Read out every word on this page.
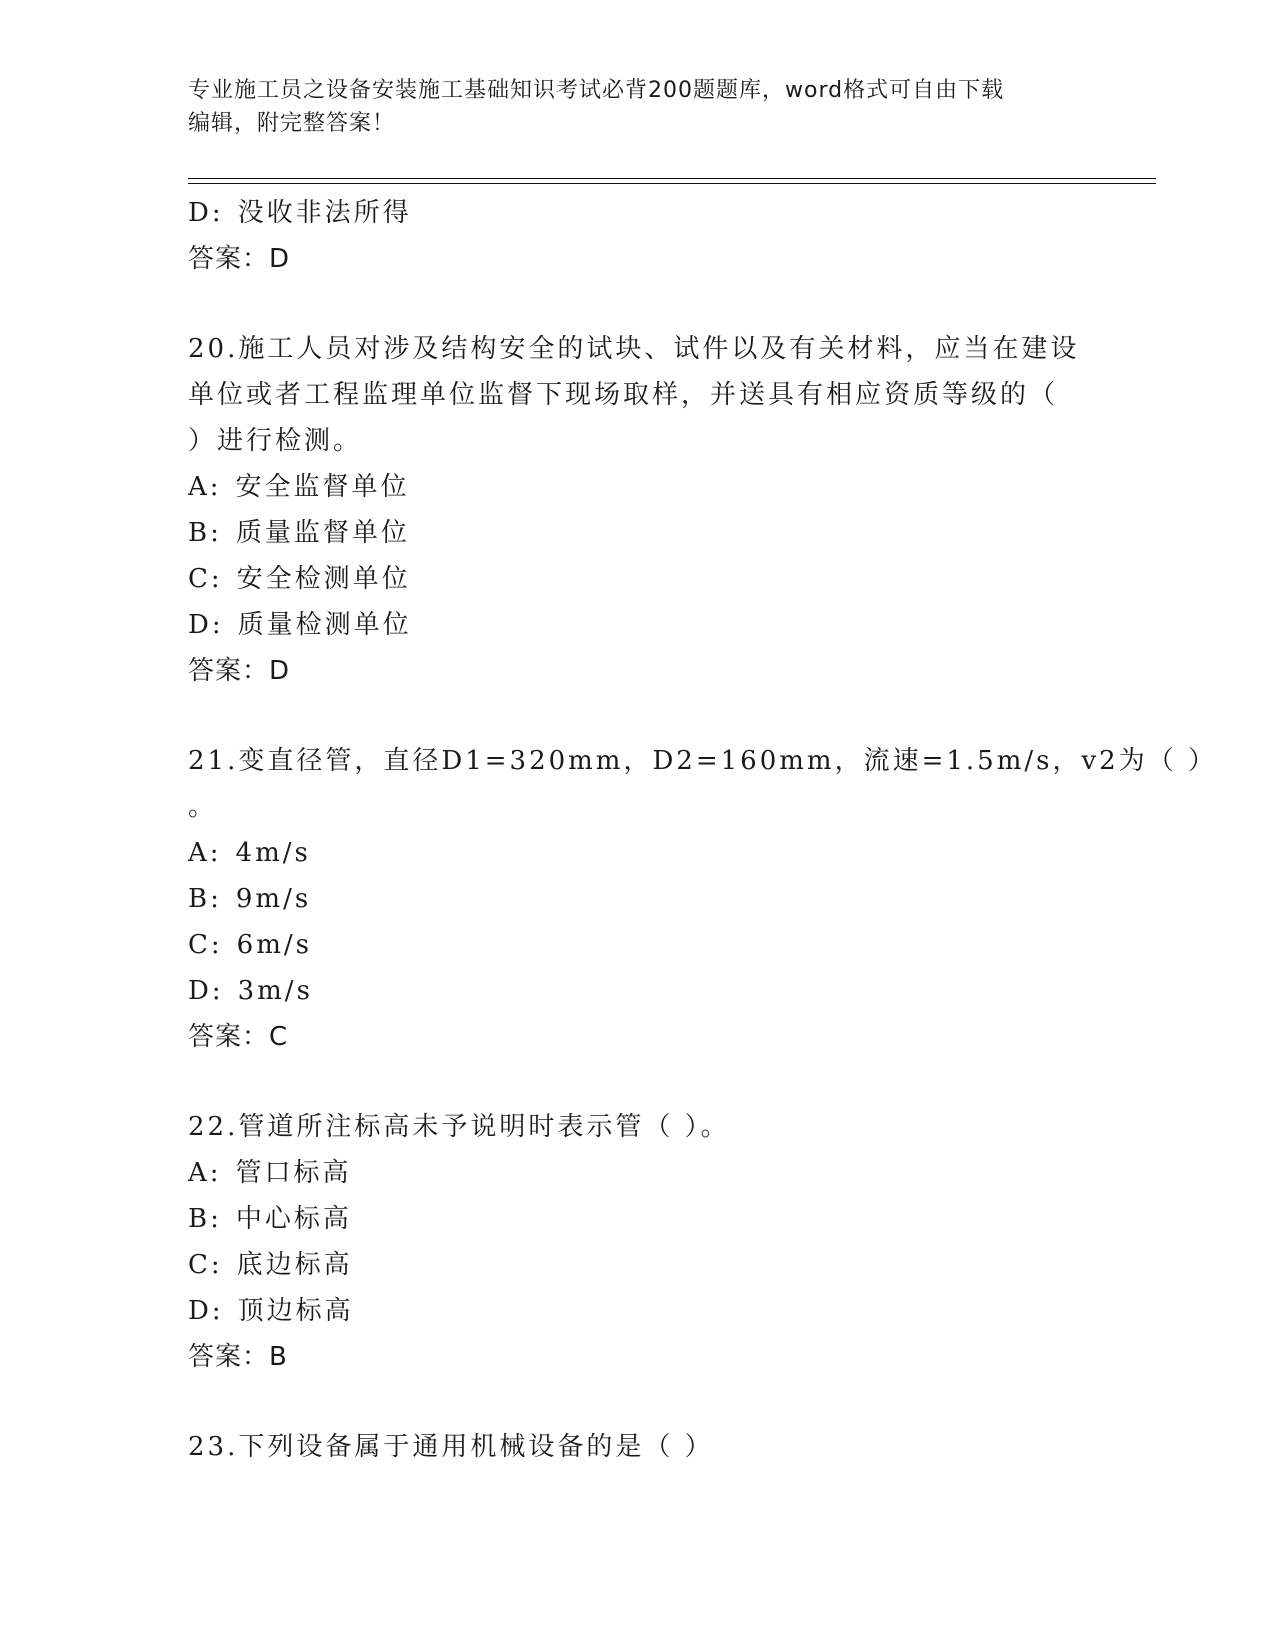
专业施工员之设备安装施工基础知识考试必背200题题库，word格式可自由下载
编辑，附完整答案！
D: 没收非法所得
答案：D
20.施工人员对涉及结构安全的试块、试件以及有关材料，应当在建设
单位或者工程监理单位监督下现场取样，并送具有相应资质等级的（
）进行检测。
A: 安全监督单位
B: 质量监督单位
C: 安全检测单位
D: 质量检测单位
答案：D
21.变直径管，直径D1=320mm，D2=160mm，流速=1.5m/s，v2为（ ）
。
A: 4m/s
B: 9m/s
C: 6m/s
D: 3m/s
答案：C
22.管道所注标高未予说明时表示管（ ）。
A: 管口标高
B: 中心标高
C: 底边标高
D: 顶边标高
答案：B
23.下列设备属于通用机械设备的是（ ）
